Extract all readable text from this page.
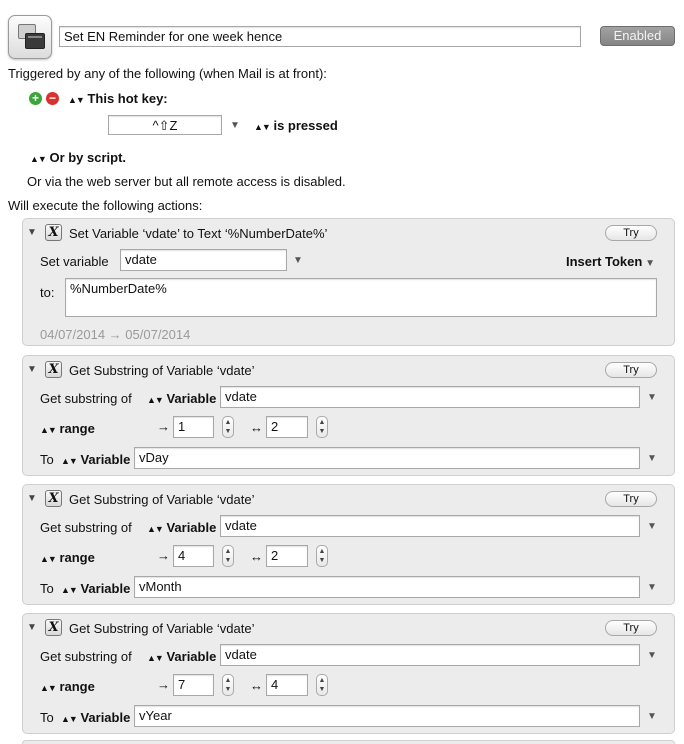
Set EN Reminder for one week hence	Enabled
Triggered by any of the following (when Mail is at front):
+ −	▲▼ This hot key:
^⇧Z	▼ ▲▼ is pressed
▲▼ Or by script.
Or via the web server but all remote access is disabled.
Will execute the following actions:
▼ X Set Variable ‘vdate’ to Text ‘%NumberDate%’	Try
Set variable	vdate	▼	Insert Token ▼
to:	%NumberDate%
04/07/2014 → 05/07/2014
▼ X Get Substring of Variable ‘vdate’	Try
Get substring of ▲▼ Variable vdate	▼
▲▼ range	→ 1	▲
▼ ↔ 2	▲
▼
To ▲▼ Variable vDay	▼
▼ X Get Substring of Variable ‘vdate’	Try
Get substring of ▲▼ Variable vdate	▼
▲▼ range	→ 4	▲
▼ ↔ 2	▲
▼
To ▲▼ Variable vMonth	▼
▼ X Get Substring of Variable ‘vdate’	Try
Get substring of ▲▼ Variable vdate	▼
▲▼ range	→ 7	▲
▼ ↔ 4	▲
▼
To ▲▼ Variable vYear	▼
